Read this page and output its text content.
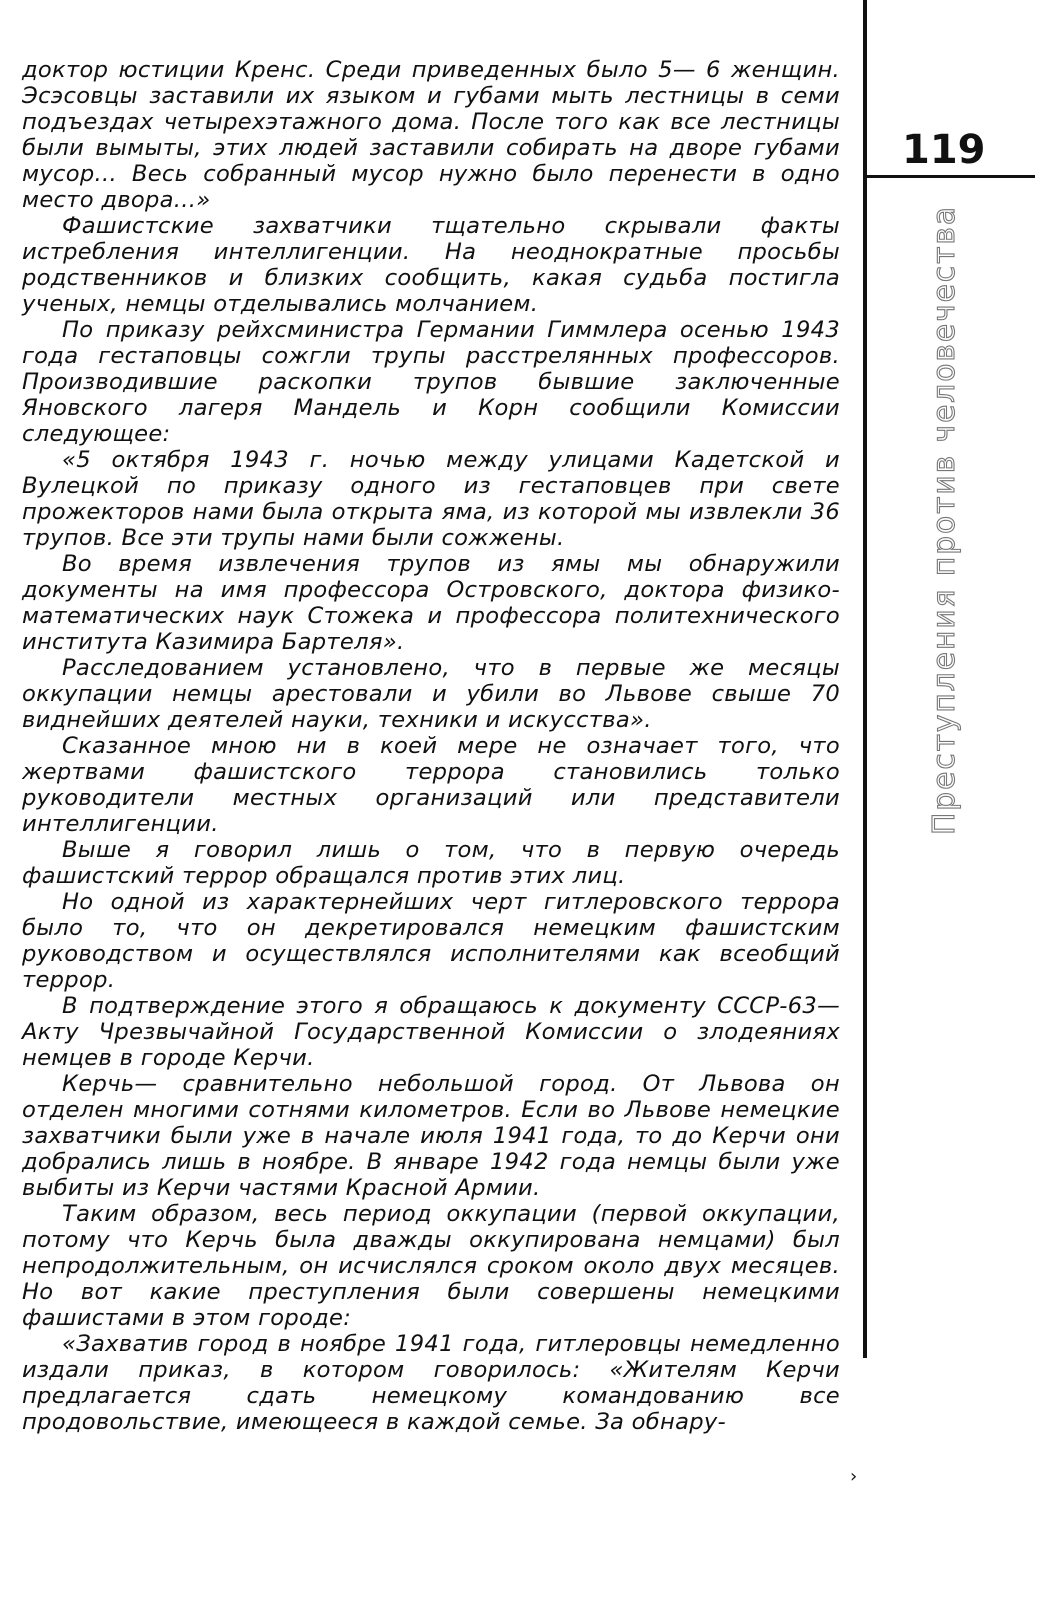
доктор юстиции Кренс. Среди приведенных было 5— 6 женщин. Эсэсовцы заставили их языком и губами мыть лестницы в семи подъездах четырехэтажного дома. После того как все лестницы были вымыты, этих людей заставили собирать на дворе губами мусор... Весь собранный мусор нужно было перенести в одно место двора...»

Фашистские захватчики тщательно скрывали факты истребления интеллигенции. На неоднократные просьбы родственников и близких сообщить, какая судьба постигла ученых, немцы отделывались молчанием.

По приказу рейхсминистра Германии Гиммлера осенью 1943 года гестаповцы сожгли трупы расстрелянных профессоров. Производившие раскопки трупов бывшие заключенные Яновского лагеря Мандель и Корн сообщили Комиссии следующее:

«5 октября 1943 г. ночью между улицами Кадетской и Вулецкой по приказу одного из гестаповцев при свете прожекторов нами была открыта яма, из которой мы извлекли 36 трупов. Все эти трупы нами были сожжены.

Во время извлечения трупов из ямы мы обнаружили документы на имя профессора Островского, доктора физико-математических наук Стожека и профессора политехнического института Казимира Бартеля».

Расследованием установлено, что в первые же месяцы оккупации немцы арестовали и убили во Львове свыше 70 виднейших деятелей науки, техники и искусства».

Сказанное мною ни в коей мере не означает того, что жертвами фашистского террора становились только руководители местных организаций или представители интеллигенции.

Выше я говорил лишь о том, что в первую очередь фашистский террор обращался против этих лиц.

Но одной из характернейших черт гитлеровского террора было то, что он декретировался немецким фашистским руководством и осуществлялся исполнителями как всеобщий террор.

В подтверждение этого я обращаюсь к документу СССР-63— Акту Чрезвычайной Государственной Комиссии о злодеяниях немцев в городе Керчи.

Керчь— сравнительно небольшой город. От Львова он отделен многими сотнями километров. Если во Львове немецкие захватчики были уже в начале июля 1941 года, то до Керчи они добрались лишь в ноябре. В январе 1942 года немцы были уже выбиты из Керчи частями Красной Армии.

Таким образом, весь период оккупации (первой оккупации, потому что Керчь была дважды оккупирована немцами) был непродолжительным, он исчислялся сроком около двух месяцев. Но вот какие преступления были совершены немецкими фашистами в этом городе:

«Захватив город в ноябре 1941 года, гитлеровцы немедленно издали приказ, в котором говорилось: «Жителям Керчи предлагается сдать немецкому командованию все продовольствие, имеющееся в каждой семье. За обнару-

119
Преступления против человечества
›
